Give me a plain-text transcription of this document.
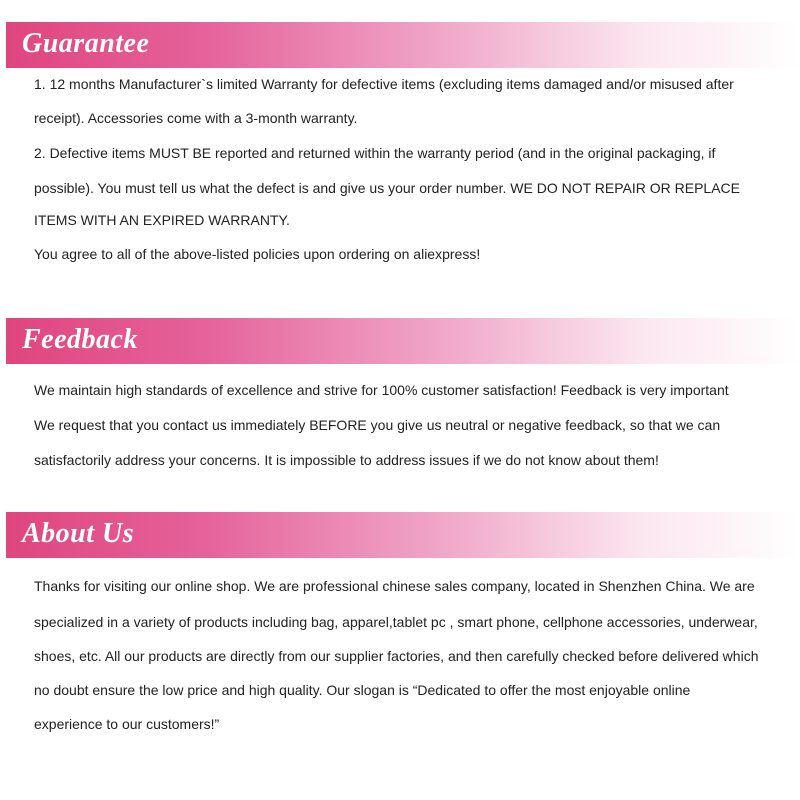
Guarantee
1. 12 months Manufacturer`s limited Warranty for defective items (excluding items damaged and/or misused after
receipt). Accessories come with a 3-month warranty.
2. Defective items MUST BE reported and returned within the warranty period (and in the original packaging, if
possible). You must tell us what the defect is and give us your order number. WE DO NOT REPAIR OR REPLACE
ITEMS WITH AN EXPIRED WARRANTY.
You agree to all of the above-listed policies upon ordering on aliexpress!
Feedback
We maintain high standards of excellence and strive for 100% customer satisfaction! Feedback is very important
We request that you contact us immediately BEFORE you give us neutral or negative feedback, so that we can
satisfactorily address your concerns. It is impossible to address issues if we do not know about them!
About Us
Thanks for visiting our online shop. We are professional chinese sales company, located in Shenzhen China. We are
specialized in a variety of products including bag, apparel,tablet pc , smart phone, cellphone accessories, underwear,
shoes, etc. All our products are directly from our supplier factories, and then carefully checked before delivered which
no doubt ensure the low price and high quality. Our slogan is “Dedicated to offer the most enjoyable online
experience to our customers!”
